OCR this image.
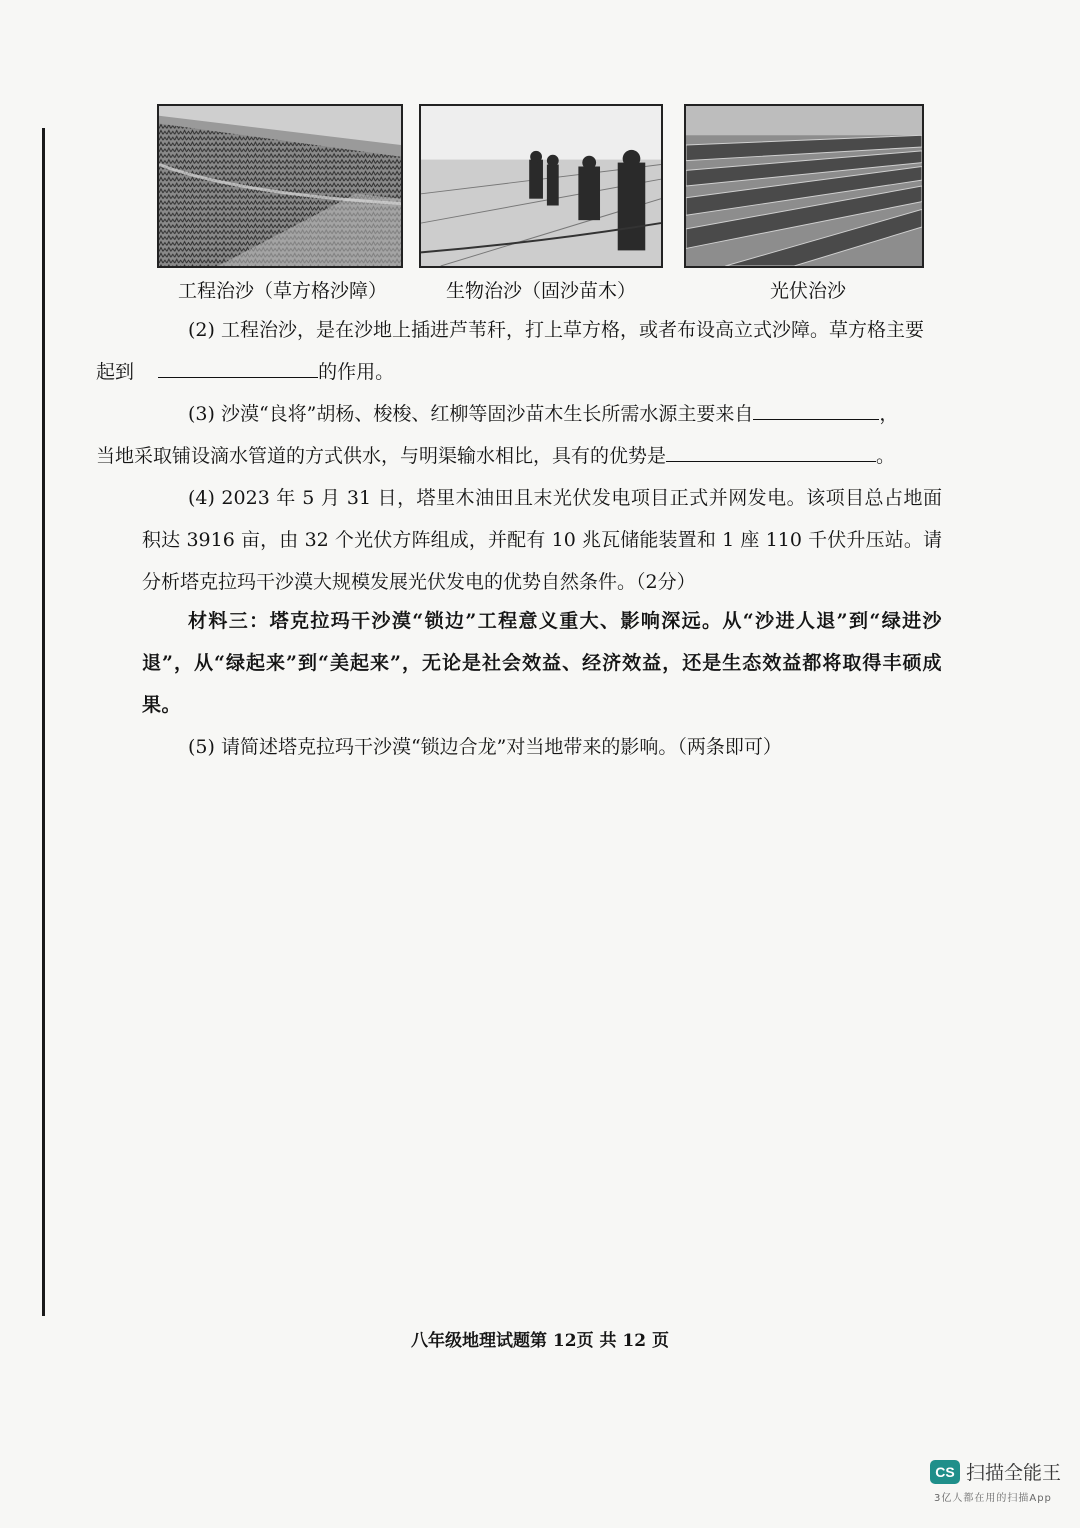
工程治沙（草方格沙障）	生物治沙（固沙苗木）	光伏治沙
(2) 工程治沙，是在沙地上插进芦苇秆，打上草方格，或者布设高立式沙障。草方格主要
起到	的作用。
(3) 沙漠“良将”胡杨、梭梭、红柳等固沙苗木生长所需水源主要来自	，
当地采取铺设滴水管道的方式供水，与明渠输水相比，具有的优势是	。
(4) 2023 年 5 月 31 日，塔里木油田且末光伏发电项目正式并网发电。该项目总占地面积达 3916 亩，由 32 个光伏方阵组成，并配有 10 兆瓦储能装置和 1 座 110 千伏升压站。请分析塔克拉玛干沙漠大规模发展光伏发电的优势自然条件。（2分）
材料三：塔克拉玛干沙漠“锁边”工程意义重大、影响深远。从“沙进人退”到“绿进沙退”，从“绿起来”到“美起来”，无论是社会效益、经济效益，还是生态效益都将取得丰硕成果。
(5) 请简述塔克拉玛干沙漠“锁边合龙”对当地带来的影响。（两条即可）
八年级地理试题第 12页 共 12 页
CS 扫描全能王
3亿人都在用的扫描App
